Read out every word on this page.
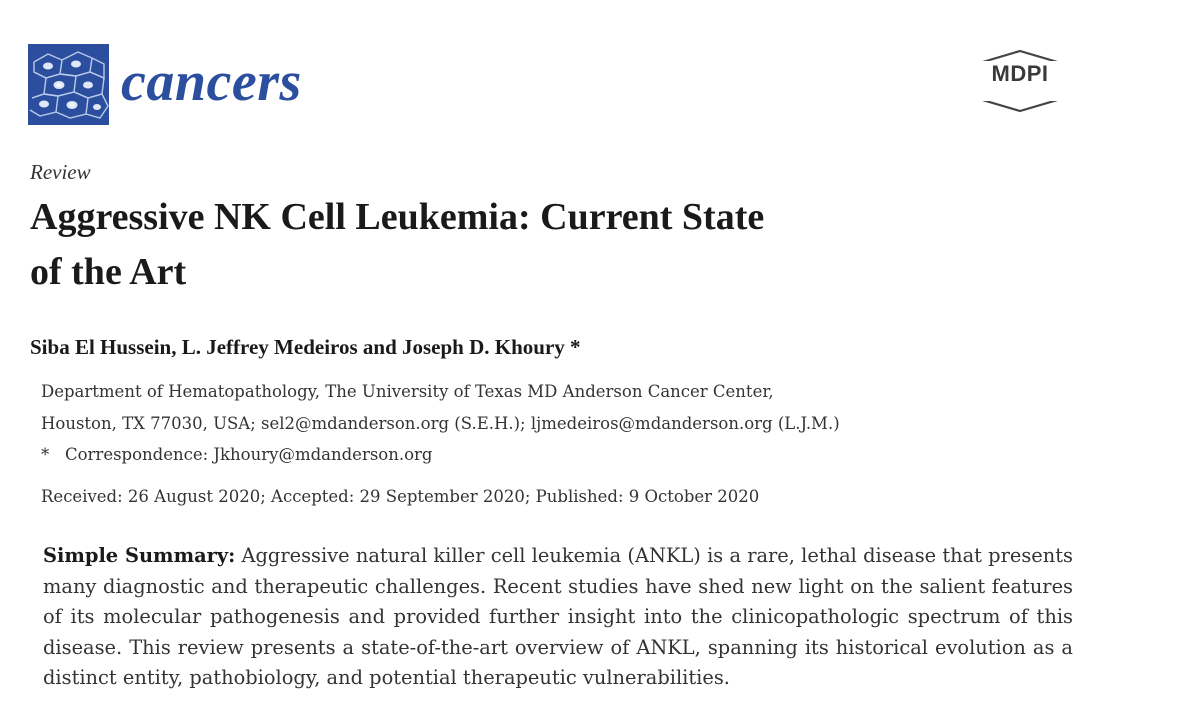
cancers	MDPI
Review
Aggressive NK Cell Leukemia: Current State
of the Art
Siba El Hussein, L. Jeffrey Medeiros and Joseph D. Khoury *
Department of Hematopathology, The University of Texas MD Anderson Cancer Center,
Houston, TX 77030, USA; sel2@mdanderson.org (S.E.H.); ljmedeiros@mdanderson.org (L.J.M.)
*   Correspondence: Jkhoury@mdanderson.org
Received: 26 August 2020; Accepted: 29 September 2020; Published: 9 October 2020

Simple Summary: Aggressive natural killer cell leukemia (ANKL) is a rare, lethal disease that presents many diagnostic and therapeutic challenges. Recent studies have shed new light on the salient features of its molecular pathogenesis and provided further insight into the clinicopathologic spectrum of this disease. This review presents a state-of-the-art overview of ANKL, spanning its historical evolution as a distinct entity, pathobiology, and potential therapeutic vulnerabilities.
